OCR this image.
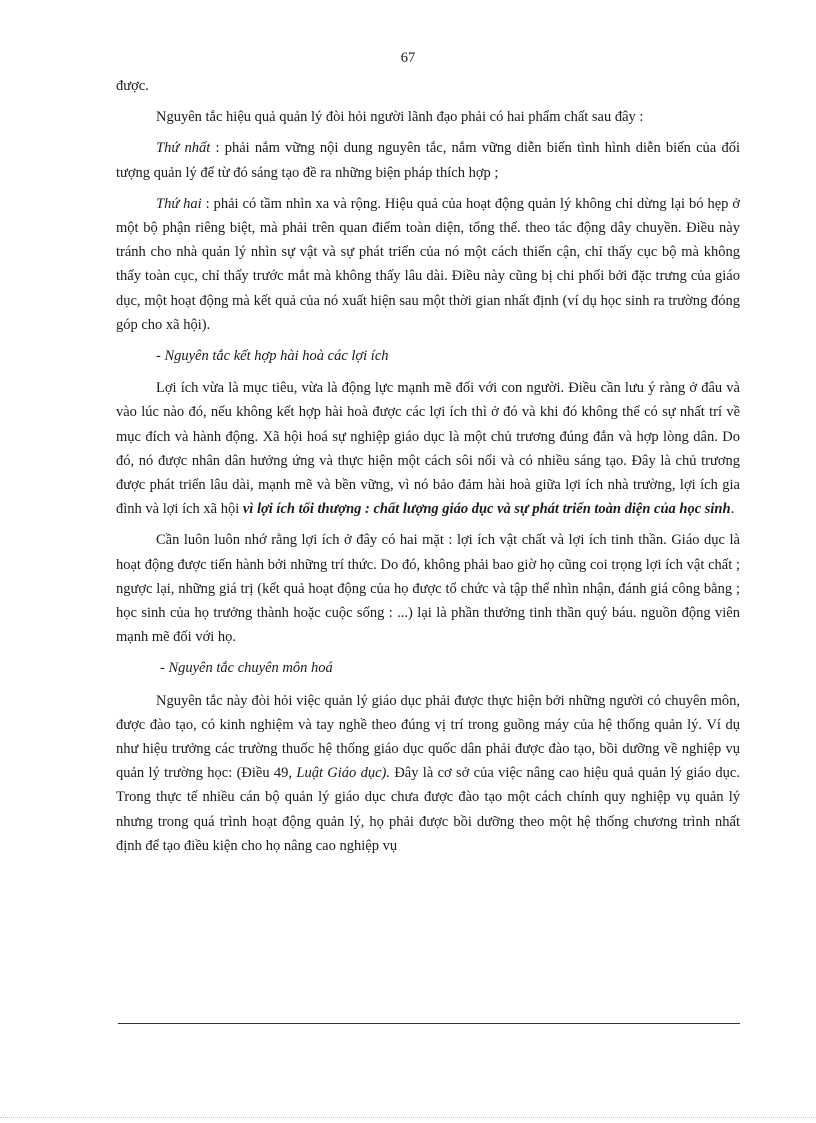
67

được.

Nguyên tắc hiệu quả quản lý đòi hỏi người lãnh đạo phải có hai phẩm chất sau đây :

Thứ nhất : phải nắm vững nội dung nguyên tắc, nắm vững diễn biến tình hình diễn biến của đối tượng quản lý để từ đó sáng tạo đề ra những biện pháp thích hợp ;

Thứ hai : phải có tầm nhìn xa và rộng. Hiệu quả của hoạt động quản lý không chỉ dừng lại bó hẹp ở một bộ phận riêng biệt, mà phải trên quan điểm toàn diện, tổng thể. theo tác động dây chuyền. Điều này tránh cho nhà quản lý nhìn sự vật và sự phát triển của nó một cách thiển cận, chỉ thấy cục bộ mà không thấy toàn cục, chỉ thấy trước mắt mà không thấy lâu dài. Điều này cũng bị chi phối bởi đặc trưng của giáo dục, một hoạt động mà kết quả của nó xuất hiện sau một thời gian nhất định (ví dụ học sinh ra trường đóng góp cho xã hội).

- Nguyên tắc kết hợp hài hoà các lợi ích

Lợi ích vừa là mục tiêu, vừa là động lực mạnh mẽ đối với con người. Điều cần lưu ý ràng ở đâu và vào lúc nào đó, nếu không kết hợp hài hoà được các lợi ích thì ở đó và khi đó không thể có sự nhất trí về mục đích và hành động. Xã hội hoá sự nghiệp giáo dục là một chủ trương đúng đắn và hợp lòng dân. Do đó, nó được nhân dân hưởng ứng và thực hiện một cách sôi nổi và có nhiều sáng tạo. Đây là chủ trương được phát triển lâu dài, mạnh mẽ và bền vững, vì nó bảo đảm hài hoà giữa lợi ích nhà trường, lợi ích gia đình và lợi ích xã hội vì lợi ích tối thượng : chất lượng giáo dục và sự phát triển toàn diện của học sinh.

Cần luôn luôn nhớ rằng lợi ích ở đây có hai mặt : lợi ích vật chất và lợi ích tinh thần. Giáo dục là hoạt động được tiến hành bởi những trí thức. Do đó, không phải bao giờ họ cũng coi trọng lợi ích vật chất ; ngược lại, những giá trị (kết quả hoạt động của họ được tổ chức và tập thể nhìn nhận, đánh giá công bằng ; học sinh của họ trưởng thành hoặc cuộc sống : ...) lại là phần thưởng tinh thần quý báu. nguồn động viên mạnh mẽ đối với họ.

- Nguyên tắc chuyên môn hoá

Nguyên tắc này đòi hỏi việc quản lý giáo dục phải được thực hiện bởi những người có chuyên môn, được đào tạo, có kinh nghiệm và tay nghề theo đúng vị trí trong guồng máy của hệ thống quản lý. Ví dụ như hiệu trưởng các trường thuốc hệ thống giáo dục quốc dân phải được đào tạo, bồi dưỡng về nghiệp vụ quản lý trường học: (Điều 49, Luật Giáo dục). Đây là cơ sở của việc nâng cao hiệu quả quản lý giáo dục. Trong thực tế nhiều cán bộ quản lý giáo dục chưa được đào tạo một cách chính quy nghiệp vụ quản lý nhưng trong quá trình hoạt động quản lý, họ phải được bồi dưỡng theo một hệ thống chương trình nhất định để tạo điều kiện cho họ nâng cao nghiệp vụ
